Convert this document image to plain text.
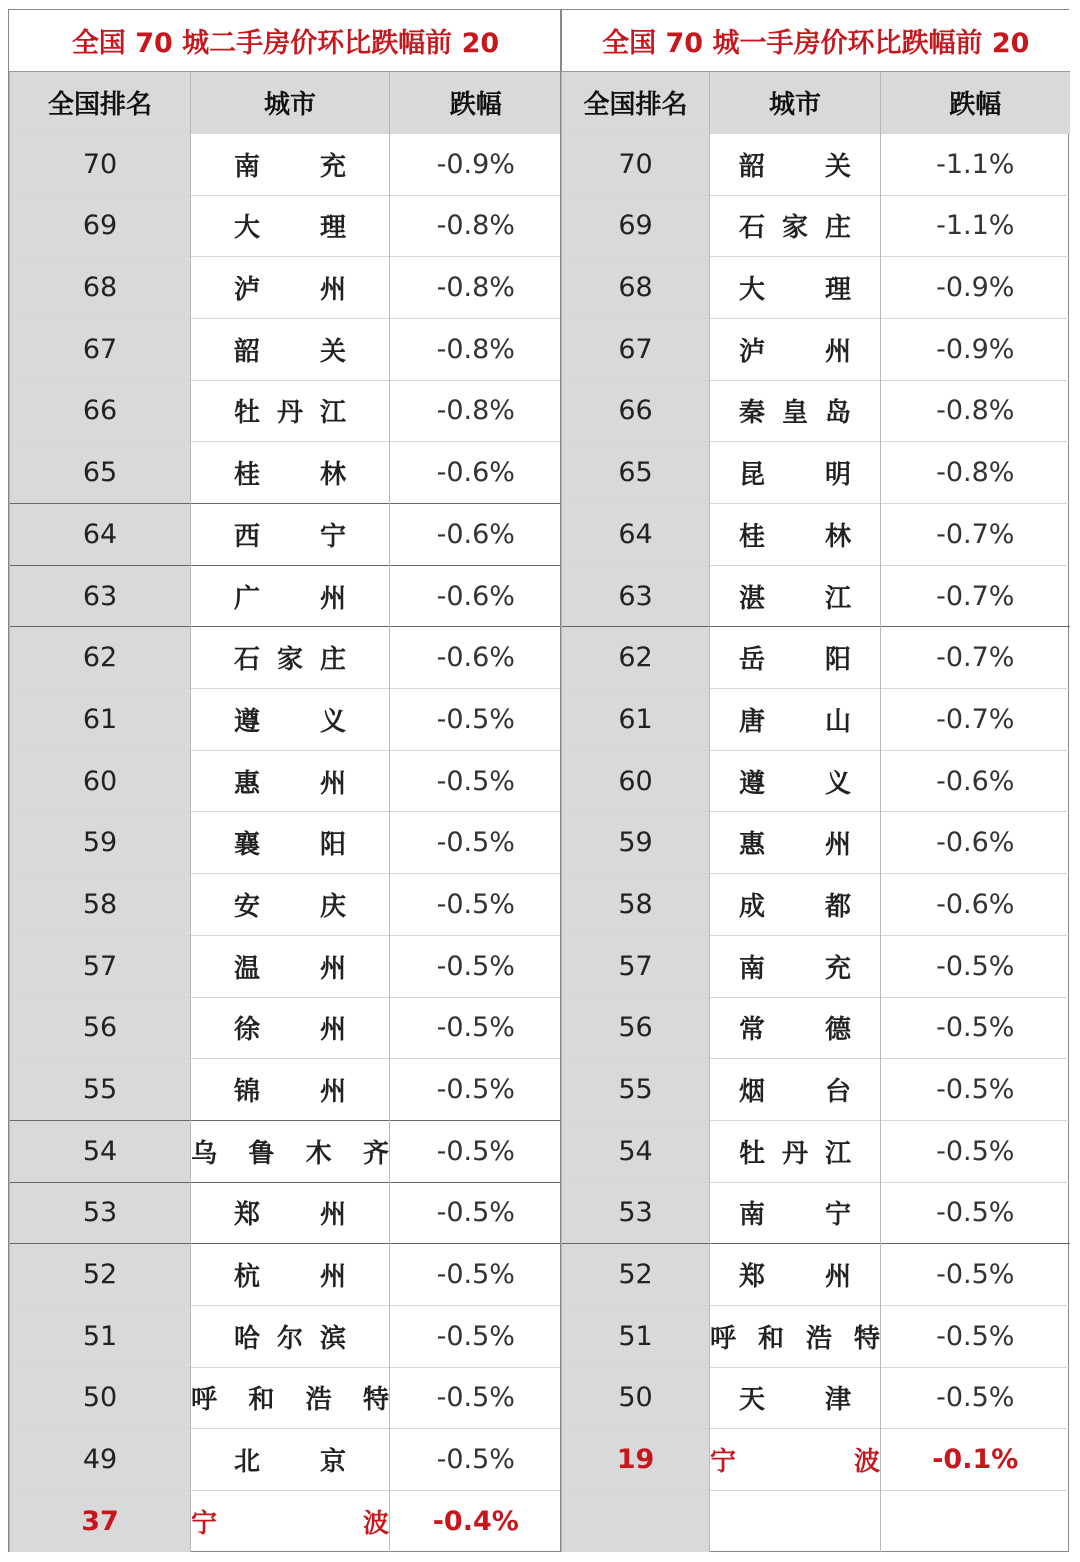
全国 70 城二手房价环比跌幅前 20		
全国排名	城市	跌幅
70	南 充	-0.9%
69	大 理	-0.8%
68	泸 州	-0.8%
67	韶 关	-0.8%
66	牡 丹 江	-0.8%
65	桂 林	-0.6%
64	西 宁	-0.6%
63	广 州	-0.6%
62	石 家 庄	-0.6%
61	遵 义	-0.5%
60	惠 州	-0.5%
59	襄 阳	-0.5%
58	安 庆	-0.5%
57	温 州	-0.5%
56	徐 州	-0.5%
55	锦 州	-0.5%
54	乌鲁木齐	-0.5%
53	郑 州	-0.5%
52	杭 州	-0.5%
51	哈 尔 滨	-0.5%
50	呼和浩特	-0.5%
49	北 京	-0.5%
37	宁波	-0.4%
全国 70 城一手房价环比跌幅前 20		
全国排名	城市	跌幅
70	韶 关	-1.1%
69	石 家 庄	-1.1%
68	大 理	-0.9%
67	泸 州	-0.9%
66	秦 皇 岛	-0.8%
65	昆 明	-0.8%
64	桂 林	-0.7%
63	湛 江	-0.7%
62	岳 阳	-0.7%
61	唐 山	-0.7%
60	遵 义	-0.6%
59	惠 州	-0.6%
58	成 都	-0.6%
57	南 充	-0.5%
56	常 德	-0.5%
55	烟 台	-0.5%
54	牡 丹 江	-0.5%
53	南 宁	-0.5%
52	郑 州	-0.5%
51	呼和浩特	-0.5%
50	天 津	-0.5%
19	宁波	-0.1%
